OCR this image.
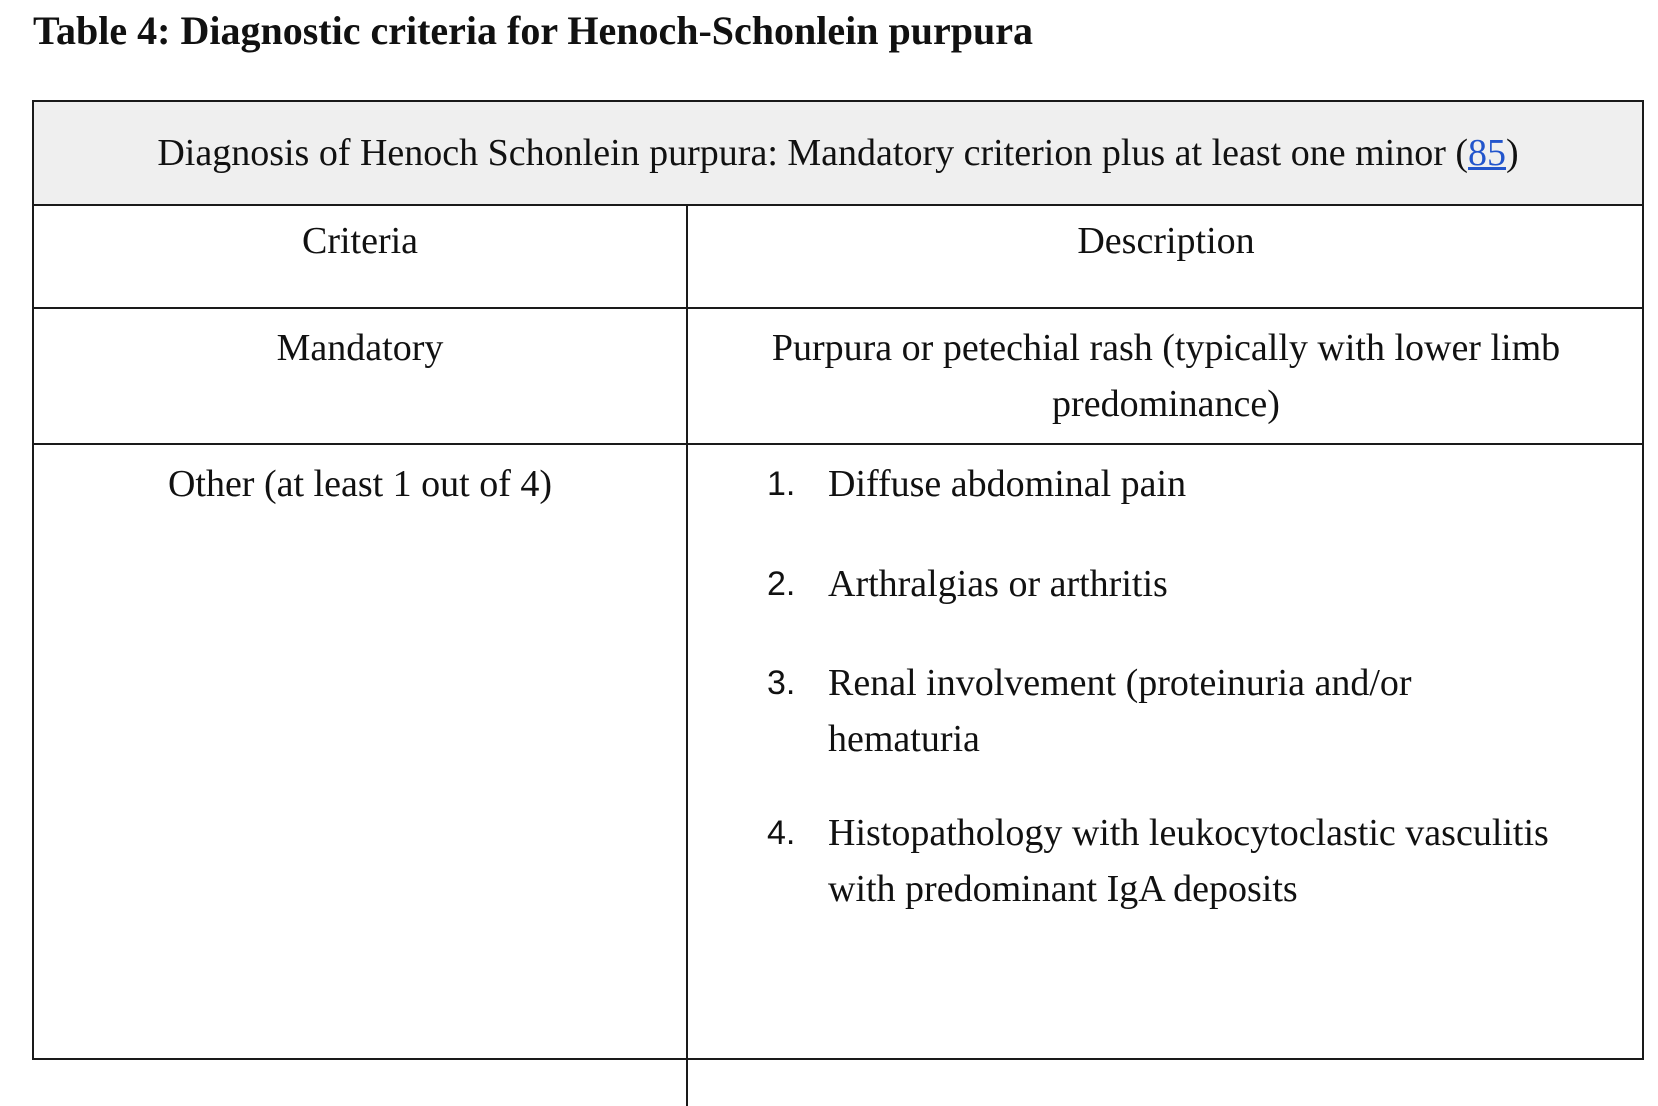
Table 4: Diagnostic criteria for Henoch-Schonlein purpura
Diagnosis of Henoch Schonlein purpura: Mandatory criterion plus at least one minor ( 85 )
Criteria	Description
Mandatory	Purpura or petechial rash (typically with lower limb predominance)
Other (at least 1 out of 4)	1. Diffuse abdominal pain
2. Arthralgias or arthritis
3. Renal involvement (proteinuria and/or hematuria
4. Histopathology with leukocytoclastic vasculitis with predominant IgA deposits
